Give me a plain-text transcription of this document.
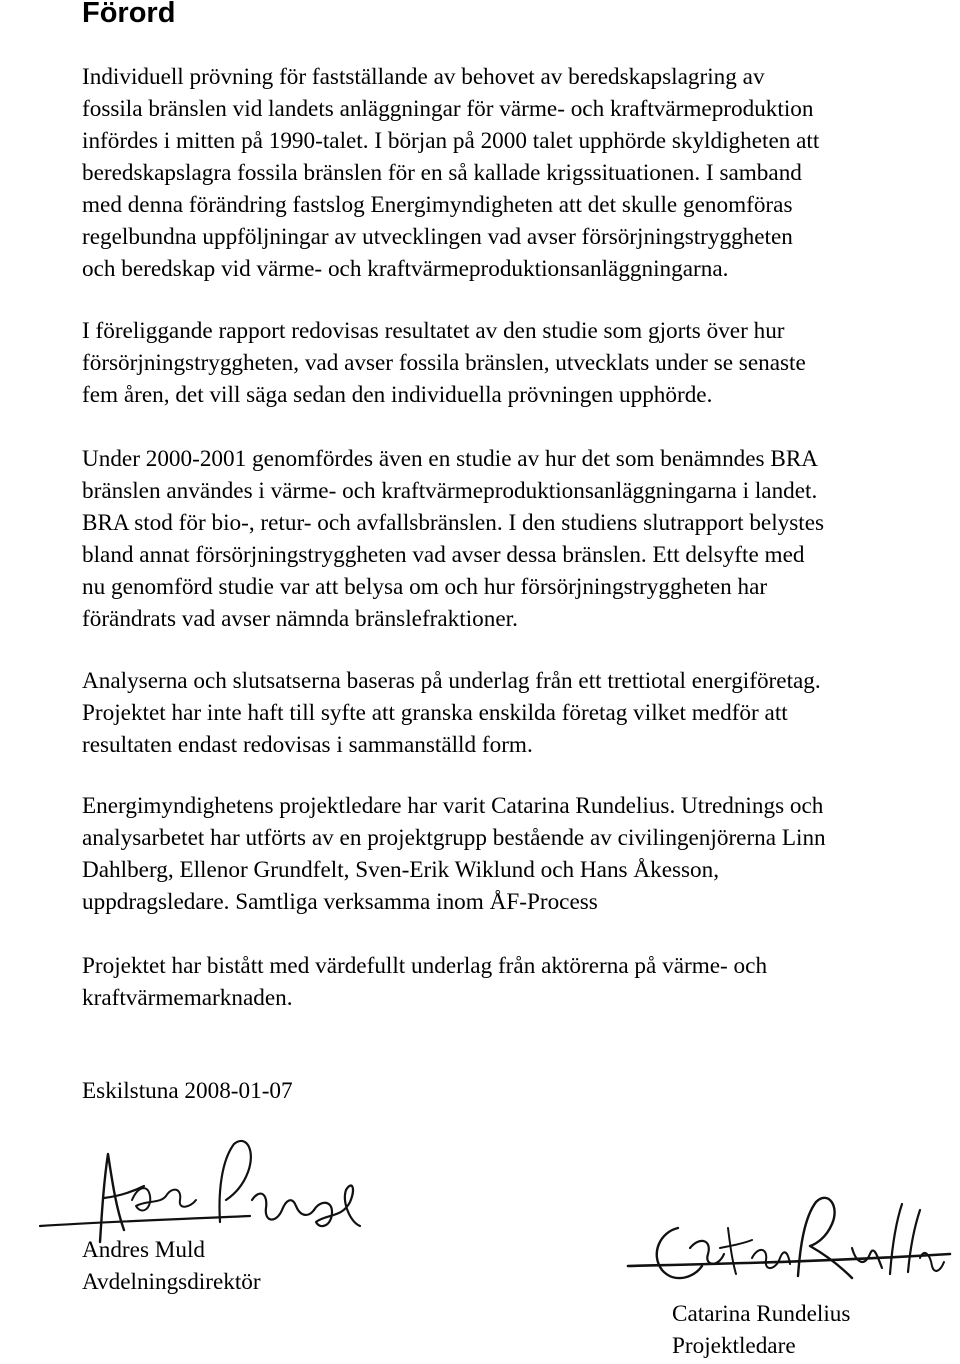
Förord

Individuell prövning för fastställande av behovet av beredskapslagring av
fossila bränslen vid landets anläggningar för värme- och kraftvärmeproduktion
infördes i mitten på 1990-talet. I början på 2000 talet upphörde skyldigheten att
beredskapslagra fossila bränslen för en så kallade krigssituationen. I samband
med denna förändring fastslog Energimyndigheten att det skulle genomföras
regelbundna uppföljningar av utvecklingen vad avser försörjningstryggheten
och beredskap vid värme- och kraftvärmeproduktionsanläggningarna.

I föreliggande rapport redovisas resultatet av den studie som gjorts över hur
försörjningstryggheten, vad avser fossila bränslen, utvecklats under se senaste
fem åren, det vill säga sedan den individuella prövningen upphörde.

Under 2000-2001 genomfördes även en studie av hur det som benämndes BRA
bränslen användes i värme- och kraftvärmeproduktionsanläggningarna i landet.
BRA stod för bio-, retur- och avfallsbränslen. I den studiens slutrapport belystes
bland annat försörjningstryggheten vad avser dessa bränslen. Ett delsyfte med
nu genomförd studie var att belysa om och hur försörjningstryggheten har
förändrats vad avser nämnda bränslefraktioner.

Analyserna och slutsatserna baseras på underlag från ett trettiotal energiföretag.
Projektet har inte haft till syfte att granska enskilda företag vilket medför att
resultaten endast redovisas i sammanställd form.

Energimyndighetens projektledare har varit Catarina Rundelius. Utrednings och
analysarbetet har utförts av en projektgrupp bestående av civilingenjörerna Linn
Dahlberg, Ellenor Grundfelt, Sven-Erik Wiklund och Hans Åkesson,
uppdragsledare. Samtliga verksamma inom ÅF-Process

Projektet har bistått med värdefullt underlag från aktörerna på värme- och
kraftvärmemarknaden.

Eskilstuna 2008-01-07

Andres Muld
Avdelningsdirektör
Catarina Rundelius
Projektledare
